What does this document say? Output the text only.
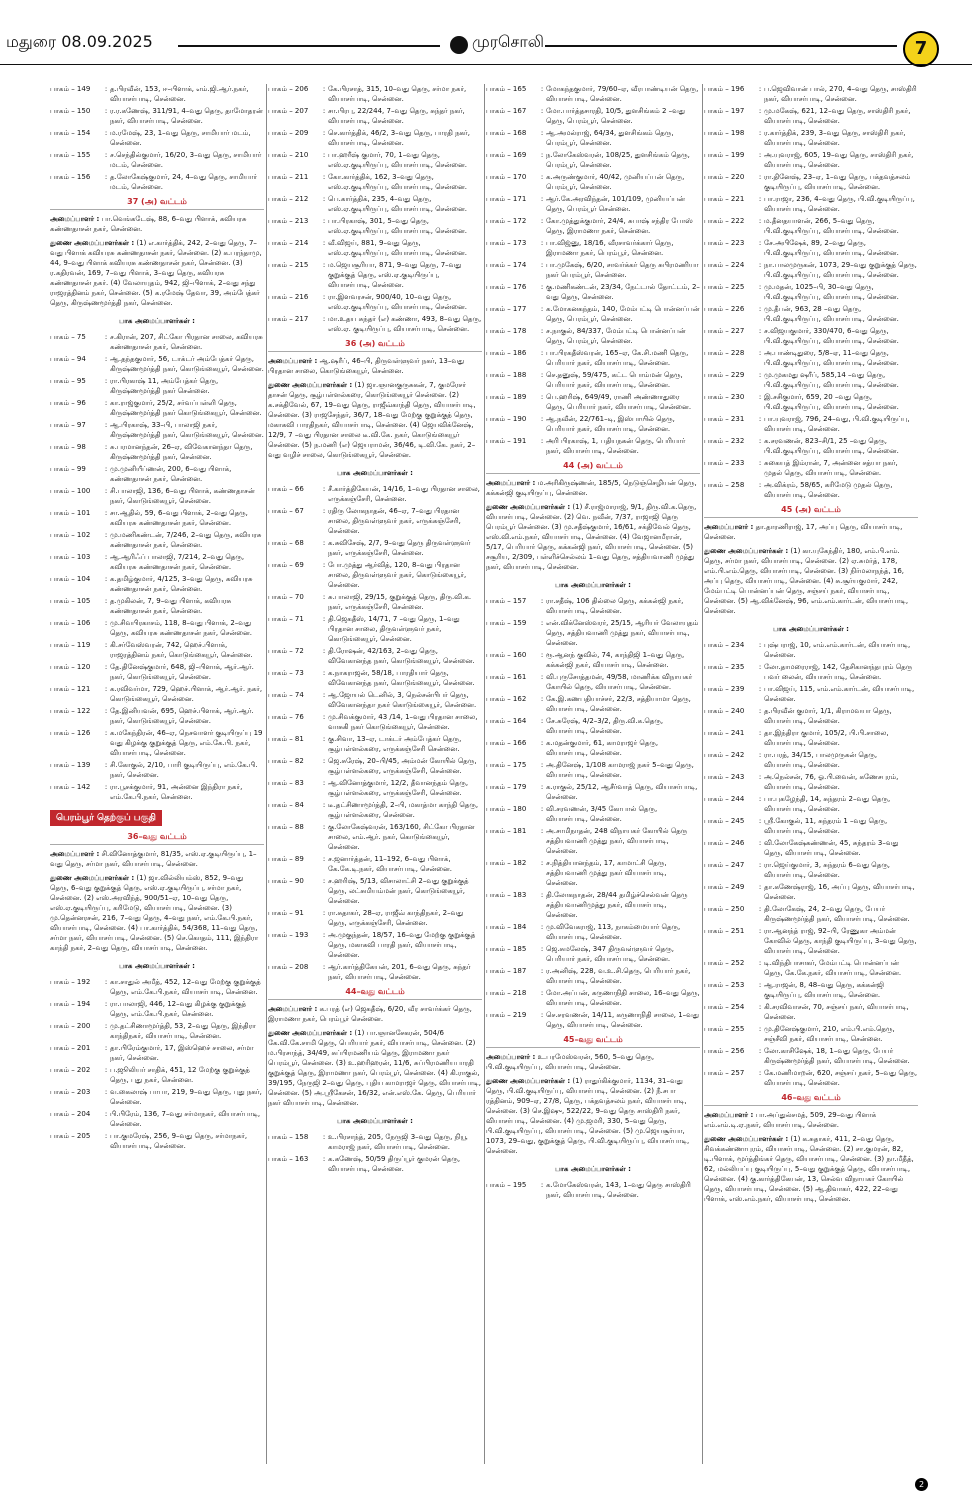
மதுரை 08.09.2025	முரசொலி	7
பாகம் – 149	: த.பிரவீன், 153, ஈ–பிளாக், எம்.ஜி.ஆர்.நகர், வியாசர்பாடி, சென்னை.
பாகம் – 150	: ர.ர.கணேஷ், 311/91, 4–வது தெரு, தாமோதரன் நகர், வியாசர்பாடி, சென்னை.
பாகம் – 154	: ம.ரமேஷ், 23, 1–வது தெரு, சாமியார் மடம், சென்னை.
பாகம் – 155	: ச.செந்தில்குமார், 16/20, 3–வது தெரு, சாமியார் மடம், சென்னை.
பாகம் – 156	: த.லோகேஷ்குமார், 24, 4–வது தெரு, சாமியார் மடம், சென்னை.
37 (அ) வட்டம்
அமைப்பாளர் : பா.வெங்கடேஷ், 88, 6–வது பிளாக், கவியரசு கண்ணதாசன் நகர், சென்னை.
துணை அமைப்பாளர்கள் : (1) எ.கார்த்திக், 242, 2–வது தெரு, 7–வது பிளாக் கவியரசு கண்ணதாசன் நகர், சென்னை. (2) க.பரந்தாமு, 44, 9–வது பிளாக் கவியரசு கண்ணதாசன் நகர், சென்னை. (3) ர.கதிரவன், 169, 7–வது பிளாக், 3–வது தெரு, கவியரசு கண்ணதாசன் நகர். (4) வேலாயுதம், 942, ஜி–பிளாக், 2–வது சந்து ராஜரத்தினம் நகர், சென்னை. (5) க.ரமேஷ் தேவா, 39, அம்பேத்கர் தெரு, கிருஷ்ணமூர்த்தி நகர், சென்னை.
பாக அமைப்பாளர்கள் :
பாகம் – 75	: ச.கிரான், 207, சிட்கோ பிரதான சாலை, கவியரசு கண்ணதாசன் நகர், சென்னை.
பாகம் – 94	: ஆ.தந்தகுமார், 56, டாக்டர் அம்பேத்கர் தெரு, கிருஷ்ணமூர்த்தி நகர், கொடுங்கையூர், சென்னை.
பாகம் – 95	: ரா.பிரகாஷ் 11, அம்பேத்கர் தெரு, கிருஷ்ணமூர்த்தி நகர் சென்னை.
பாகம் – 96	: கா.ராஜ்குமார், 25/2, சர்வப்பள்ளி தெரு, கிருஷ்ணமூர்த்தி நகர் கொடுங்கையூர், சென்னை.
பாகம் – 97	: ஆ.பிரகாஷ், 33–பி, பாலாஜி நகர், கிருஷ்ணமூர்த்தி நகர், கொடுங்கையூர், சென்னை.
பாகம் – 98	: சு.பரமானந்தன், 26–ஏ, விவேகானந்தா தெரு, கிருஷ்ணமூர்த்தி நகர், சென்னை.
பாகம் – 99	: மு.முனியீப்ணன், 200, 6–வது பிளாக், கண்ணதாசன் நகர், சென்னை.
பாகம் – 100	: சி.பாலாஜி, 136, 6–வது பிளாக், கண்ணதாசன் நகர், கொடுங்கையூர், சென்னை.
பாகம் – 101	: சா.ஆதில், 59, 6–வது பிளாக், 2–வது தெரு, கவியரசு கண்ணதாசன் நகர், சென்னை.
பாகம் – 102	: மு.மணிகண்டன், 7/246, 2–வது தெரு, கவியரசு கண்ணதாசன் நகர், சென்னை.
பாகம் – 103	: ஆ.ஆரிஃப் பாலாஜி, 7/214, 2–வது தெரு, கவியரசு கண்ணதாசன் நகர், சென்னை.
பாகம் – 104	: க.தமிழ்குமார், 4/125, 3–வது தெரு, கவியரசு கண்ணதாசன் நகர், சென்னை.
பாகம் – 105	: த.முகிலன், 7, 9–வது பிளாக், கவியரசு கண்ணதாசன் நகர், சென்னை.
பாகம் – 106	: மு.சிவபிரகாசம், 118, 8–வது பிளாக், 2–வது தெரு, கவியரசு கண்ணதாசன் நகர், சென்னை.
பாகம் – 119	: கி.சர்வேஸ்வரன், 742, ஹெச்.பிளாக், ராஜரத்தினம் நகர், கொடுங்கையூர், சென்னை.
பாகம் – 120	: தே.தினேஷ்குமார், 648, ஜி–பிளாக், ஆர்.ஆர். நகர், கொடுங்கையூர், சென்னை.
பாகம் – 121	: க.ரவிவர்மா, 729, ஹெச்.பிளாக், ஆர்.ஆர். நகர், கொடுங்கையூர், சென்னை.
பாகம் – 122	: தே.இனியவன், 695, ஹெச்.பிளாக், ஆர்.ஆர். நகர், கொடுங்கையூர், சென்னை.
பாகம் – 126	: க.மகேந்திரன், 46–ஏ, நெசவாளர் குடியிருப்பு 19 வது கிழக்கு குறுக்குத் தெரு, எம்.கே.பி. நகர், வியாசர்பாடி, சென்னை.
பாகம் – 139	: சி.கோகுல், 2/10, பாரி குடியிருப்பு, எம்.கே.பி. நகர், சென்னை.
பாகம் – 142	: ரா.பூசக்குமார், 91, அன்னை இந்திரா நகர், எம்.கே.பி.நகர், சென்னை.
பெரம்பூர் தெற்குப் பகுதி
36–வது வட்டம்
அமைப்பாளர் : சி.வினோத்குமார், 81/35, எஸ்.ஏ.குடியிருப்பு, 1–வது தெரு, சர்மா நகர், வியாசர்பாடி, சென்னை.
துணை அமைப்பாளர்கள் : (1) ஜா.வில்லியம்ஸ், 852, 9–வது தெரு, 6–வது குறுக்குத் தெரு, எஸ்.ஏ.குடியிருப்பு, சர்மா நகர், சென்னை. (2) எஸ்.அரவிந்த், 900/51–ஏ, 10–வது தெரு, எஸ்.ஏ.குடியிருப்பு, கரிமேடு, வியாசர்பாடி, சென்னை. (3) மு.தென்னரசன், 216, 7–வது தெரு, 4–வது நகர், எம்.கே.பி.நகர், வியாசர்பாடி, சென்னை. (4) பா.கார்த்திக், 54/368, 11–வது தெரு, சர்மா நகர், வியாசர்பாடி, சென்னை. (5) செ.கொதம், 111, இந்திரா காந்தி நகர், 2–வது தெரு, வியாசர்பாடி, சென்னை.
பாக அமைப்பாளர்கள் :
பாகம் – 192	: கா.சாதுல் அமீத், 452, 12–வது மேற்கு குறுக்குத் தெரு, எம்.கே.பி.நகர், வியாசர்பாடி, சென்னை.
பாகம் – 194	: ரா.பாலாஜி, 446, 12–வது கிழக்கு குறுக்குத் தெரு, எம்.கே.பி.நகர், சென்னை.
பாகம் – 200	: மு.தட்சிணாமூர்த்தி, 53, 2–வது தெரு, இந்திரா காந்திநகர், வியாசர்பாடி, சென்னை.
பாகம் – 201	: தா.பிரேம்குமார், 17, இஸ்ஹெச் சாலை, சர்மா நகர், சென்னை.
பாகம் – 202	: ப.ஜூலியர் சாதிக், 451, 12 மேற்கு குறுக்குத் தெரு, புது நகர், சென்னை.
பாகம் – 203	: வ.கைலாஷ் பாபா, 219, 9–வது தெரு, புது நகர், சென்னை.
பாகம் – 204	: பி.பிரேம், 136, 7–வது சர்மாநகர், வியாசர்பாடி, சென்னை.
பாகம் – 205	: பா.குமரேஷ், 256, 9–வது தெரு, சர்மாநகர், வியாசர்பாடி, சென்னை.
பாகம் – 206	: கே.பிரசாத், 315, 10–வது தெரு, சர்மா நகர், வியாசர்பாடி, சென்னை.
பாகம் – 207	: சா.பிரபு, 22/244, 7–வது தெரு, சுந்தர் நகர், வியாசர்பாடி, சென்னை.
பாகம் – 209	: செ.கார்த்திக், 46/2, 3–வது தெரு, பாரதி நகர், வியாசர்பாடி, சென்னை.
பாகம் – 210	: பா.ஹரீஷ் குமார், 70, 1–வது தெரு, எஸ்.ஏ.குடியிருப்பு, வியாசர்பாடி, சென்னை.
பாகம் – 211	: கோ.கார்த்திக், 162, 3–வது தெரு, எஸ்.ஏ.குடியிருப்பு, வியாசர்பாடி, சென்னை.
பாகம் – 212	: பெ.கார்த்திக், 235, 4–வது தெரு, எஸ்.ஏ.குடியிருப்பு, வியாசர்பாடி, சென்னை.
பாகம் – 213	: பா.பிரகாஷ், 301, 5–வது தெரு, எஸ்.ஏ.குடியிருப்பு, வியாசர்பாடி, சென்னை.
பாகம் – 214	: வீ.விஜய், 881, 9–வது தெரு, எஸ்.ஏ.குடியிருப்பு, வியாசர்பாடி, சென்னை.
பாகம் – 215	: ம.ஜெயசூரியா, 871, 9–வது தெரு, 7–வது குறுக்குத் தெரு, எஸ்.ஏ.குடியிருப்பு, வியாசர்பாடி, சென்னை.
பாகம் – 216	: ரா.இளவரசன், 900/40, 10–வது தெரு, எஸ்.ஏ.குடியிருப்பு, வியாசர்பாடி, சென்னை.
பாகம் – 217	: மா.உதய சுந்தர் (எ) கண்ணா, 493, 8–வது தெரு, எஸ்.ஏ. குடியிருப்பு, வியாசர்பாடி, சென்னை.
36 (அ) வட்டம்
அமைப்பாளர் : ஆ.ஷரீப், 46–பி, திருவள்ளுவர் நகர், 13–வது பிரதான சாலை, கொடுங்கையூர், சென்னை.
துணை அமைப்பாளர்கள் : (1) ஜா.ஞானகுருசுகன், 7, குமரேசர் தாசன் தெரு, சூழ்பள்ளல்கரை, கொடுங்கையூர் சென்னை. (2) க.சக்திவேல், 67, 19–வது தெரு, ராஜீவ்காந்தி தெரு, வியாசர்பாடி, சென்னை. (3) ராஜசேந்தர், 36/7, 18–வது மேற்கு குறுக்குத் தெரு, மகாகவி பாரதிநகர், வியாசர்பாடி, சென்னை. (4) ஜெயவிக்னேஷ், 12/9, 7 –வது பிரதான சாலை டீ.வி.கே. நகர், கொடுங்கையூர் சென்னை. (5) ந.மணி (எ) ஜெயராமன், 36/46, டி.வி.கே. நகர், 2–வது வழிச் சாலை, கொடுங்கையூர், சென்னை.
பாக அமைப்பாளர்கள் :
பாகம் – 66	: சீ.கார்த்திகேயன், 14/16, 1–வது பிரதான சாலை, எருக்கஞ்சேரி, சென்னை.
பாகம் – 67	: ரதிரு லோகநாதன், 46–ஏ, 7–வது பிரதான சாலை, திருவள்ளுவர் நகர், எருக்கஞ்சேரி, சென்னை.
பாகம் – 68	: க.சுவிசேஷ், 2/7, 9–வது தெரு திருவள்ளுவர் நகர், எருக்கஞ்சேரி, சென்னை.
பாகம் – 69	: போ.முத்து ஆர்வித், 120, 8–வது பிரதான சாலை, திருவள்ளுவர் நகர், கொடுங்கையூர், சென்னை.
பாகம் – 70	: சு.பாலாஜி, 29/15, குறுக்குத் தெரு, திரு.வி.க. நகர், எருக்கஞ்சேரி, சென்னை.
பாகம் – 71	: தி.ஜெகதீஸ், 14/71, 7 –வது தெரு, 1–வது பிரதான சாலை, திருவள்ளுவர் நகர், கொடுங்கையூர், சென்னை.
பாகம் – 72	: தி.ரோஷன், 42/163, 2–வது தெரு, விவேகானந்த நகர், கொடுங்கையூர், சென்னை.
பாகம் – 73	: க.நாகராஜன், 58/18, பாரதியார் தெரு, விவேகானந்த நகர், கொடுங்கையூர், சென்னை.
பாகம் – 74	: ஆ.ஜோயல் டெனில், 3, நெல்சன்பிபர் தெரு, விவேகானந்தா நகர் கொடுங்கையூர், சென்னை.
பாகம் – 76	: மு.சிவக்குமார், 43 /14, 1–வது பிரதான சாலை, வாசுகி நகர் கொடுங்கையூர், சென்னை.
பாகம் – 81	: கு.சிவா, 13–ஏ, டாக்டர் அம்பேத்கர் தெரு, சூழ்பள்ளல்கரை, எருக்கஞ்சேரி சென்னை.
பாகம் – 82	: ஜெ.சுரேஷ், 20–பி/45, அம்மன் கோயில் தெரு, சூழ்பள்ளல்கரை, எருக்கஞ்சேரி, சென்னை.
பாகம் – 83	: ஆ.வினோத்குமார், 12/2, தீவானந்தம் தெரு, சூழ்பள்ளல்கரை, எருக்கஞ்சேரி, சென்னை.
பாகம் – 84	: டீ.தட்சிணாமூர்த்தி, 2–பி, மகாத்மா காந்தி தெரு, சூழ்பள்ளல்கரை, சென்னை.
பாகம் – 88	: கு.லோகேஷ்வரன், 163/160, சிட்கோ பிரதான சாலை, எம்.ஆர். நகர், கொடுங்கையூர், சென்னை.
பாகம் – 89	: ச.ஜனார்த்தன், 11–192, 6–வது பிளாக், கே.கே.டி.நகர், வியாசர்பாடி, சென்னை.
பாகம் – 90	: ச.ஹரிஷ், 5/13, விசாலாட்சி 2–வது குறுக்குத் தெரு, லட்சுமியம்மன் நகர், கொடுங்கையூர், சென்னை.
பாகம் – 91	: ரா.சுதாகர், 28–ஏ, ராஜீவ் காந்திநகர், 2–வது தெரு, எருக்கஞ்சேரி, சென்னை.
பாகம் – 193	: அ.முகுந்தன், 18/57, 16–வது மேற்கு குறுக்குத் தெரு, மகாகவி பாரதி நகர், வியாசர்பாடி, சென்னை.
பாகம் – 208	: ஆர்.கார்த்திகேயன், 201, 6–வது தெரு, சுந்தர் நகர், வியாசர்பாடி, சென்னை.
44–வது வட்டம்
அமைப்பாளர் : க.பரத் (எ) ஜெகதீஷ், 6/20, வீர சாவர்க்கர் தெரு, இராமணா நகர், பெரம்பூர் சென்னை.
துணை அமைப்பாளர்கள் : (1) பா.ஞானசேகரன், 504/6 கே.வி.கே.சாமி தெரு, பெரியார் நகர், வியாசர்பாடி, சென்னை. (2) ம.பிரசாந்த், 34/49, சுப்பிரமணியம் தெரு, இராமணா நகர் பெரம்பூர், சென்னை. (3) உ.ஹரிஹரன், 11/6, சுப்பிரமணியபாரதி குறுக்குத் தெரு, இராமணா நகர், பெரம்பூர், சென்னை. (4) கி.ராகுல், 39/195, நேருஜி 2–வது தெரு, புதிய காமராஜர் தெரு, வியாசர்பாடி, சென்னை. (5) அ.ஸ்ரீகேசன், 16/32, என்.எஸ்.கே. தெரு, பெரியார் நகர் வியாசர்பாடி, சென்னை.
பாக அமைப்பாளர்கள் :
பாகம் – 158	: உ.பிரசாந்த், 205, நேருஜி 3–வது தெரு, நியூ காமராஜ் நகர், வியாசர்பாடி, சென்னை.
பாகம் – 163	: க.கணேஷ், 50/59 திருப்பூர் குமரன் தெரு, வியாசர்பாடி, சென்னை.
பாகம் – 165	: மோகந்தகுமார், 79/60–ஏ, வீரபாண்டியன் தெரு, வியாசர்பாடி, சென்னை.
பாகம் – 167	: மோ.பார்த்தசாரதி, 10/5, துளசிங்கம் 2 –வது தெரு, பெரம்பூர், சென்னை.
பாகம் – 168	: ஆ.அமல்ராஜ், 64/34, துளசிங்கம் தெரு, பெரம்பூர், சென்னை.
பாகம் – 169	: ந.லோகேஸ்வரன், 108/25, துளசிங்கம் தெரு, பெரம்பூர், சென்னை.
பாகம் – 170	: க.அருண்குமார், 40/42, முனியப்பன் தெரு, பெரம்பூர், சென்னை.
பாகம் – 171	: ஆர்.கே.அரவிந்தன், 101/109, முனியப்பன் தெரு, பெரம்பூர் சென்னை.
பாகம் – 172	: கோ.முத்துக்குமார், 24/4, சுபாஷ் சந்திர போஸ் தெரு, இராமணா நகர், சென்னை.
பாகம் – 173	: பா.விஜ்னு, 18/16, வீரசாவர்க்கார் தெரு, இராமணா நகர், பெரம்பூர், சென்னை.
பாகம் – 174	: பா.முகேஷ், 6/20, சாவர்க்கர் தெரு சுபிரமணியா நகர் பெரம்பூர், சென்னை.
பாகம் – 176	: கு.மணிகண்டன், 23/34, நேட்டால் தோட்டம், 2–வது தெரு, சென்னை.
பாகம் – 177	: க.மோகனகந்தம், 140, மேம்பட்டி பொன்னப்பன் தெரு, பெரம்பூர், சென்னை.
பாகம் – 178	: ச.நாகுல், 84/337, மேம்பட்டி பொன்னப்பன் தெரு, பெரம்பூர், சென்னை.
பாகம் – 186	: பா.பிரகதீஸ்வரன், 165–ஏ, கே.சி.மணி தெரு, பெரியார் நகர், வியாசர்பாடி, சென்னை.
பாகம் – 188	: செ.தனுஷ், 59/475, கட்ட பொம்மன் தெரு, பெரியார் நகர், வியாசர்பாடி, சென்னை.
பாகம் – 189	: பெ.ஹரிஷ், 649/49, ராணி அண்ணாதுரை தெரு, பெரியார் நகர், வியாசர்பாடி, சென்னை.
பாகம் – 190	: ஆ.நவீன், 22/761–டி, இஸ்பாயில் தெரு, பெரியார் நகர், வியாசர்பாடி, சென்னை.
பாகம் – 191	: அரி பிரகாஷ், 1, பதியநகன் தெரு, பெரியார் நகர், வியாசர்பாடி, சென்னை.
44 (அ) வட்டம்
அமைப்பாளர் : ம.அரிகிருஷ்ணன், 185/5, நெடுஞ்செழியன் தெரு, கக்கன்ஜி குடியிருப்பு, சென்னை.
துணை அமைப்பாளர்கள் : (1) சீ.ராஜ்மாராஜ், 9/1, திரு.வி.க.தெரு, வியாசர்பாடி, சென்னை. (2) வெ. நவீன், 7/37, ராஜாஜி தெரு பெரம்பூர் சென்னை. (3) மு.சதீஷ்குமார், 16/61, சக்திவேல் தெரு, எஸ்.வி.எம்.நகர், வியாசர்பாடி, சென்னை. (4) வேஜானமீரான், 5/17, பெரியார் தெரு, கக்கன்ஜி நகர், வியாசர்பாடி, சென்னை. (5) சசூரிய, 2/309, பள்ளிச்செல்லம் 1–வது தெரு, சத்தியவாணி முத்து நகர், வியாசர்பாடி, சென்னை.
பாக அமைப்பாளர்கள் :
பாகம் – 157	: ரா.சதீஷ், 106 தில்லை தெரு, கக்கன்ஜி நகர், வியாசர்பாடி, சென்னை.
பாகம் – 159	: என்.விக்னேஸ்வரர், 25/15, ஆரியர் வேலாயுதம் தெரு, சத்தியவாணி முத்து நகர், வியாசர்பாடி, சென்னை.
பாகம் – 160	: ரூ.ஆனந் குவில், 74, காந்திஜி 1–வது தெரு, கக்கன்ஜி நகர், வியாசர்பாடி, சென்னை.
பாகம் – 161	: வி.புருசோத்தமன், 49/58, மாணிக்க விநாயகர் கோயில் தெரு, வியாசர்பாடி, சென்னை.
பாகம் – 162	: கே.இ.கணபதியாச்சர், 22/3, சத்தியாமா தெரு, வியாசர்பாடி, சென்னை.
பாகம் – 164	: சே.சுரேஷ், 4/2–3/2, திரு.வி.க.தெரு, வியாசர்பாடி, சென்னை.
பாகம் – 166	: க.மதன்குமார், 61, காமராஜர் தெரு, வியாசர்பாடி, சென்னை.
பாகம் – 175	: அ.தினேஷ், 1/108 காமராஜ் நகர் 5–வது தெரு, வியாசர்பாடி, சென்னை.
பாகம் – 179	: க.ராகுல், 25/12, ஆசீர்வாத் தெரு, வியாசர்பாடி, சென்னை.
பாகம் – 180	: வி.சரவணன், 3/45 கோபால் தெரு, வியாசர்பாடி, சென்னை.
பாகம் – 181	: அ.சாமிநாதன், 248 விநாயகர் கோயில் தெரு சத்தியவாணி முத்து நகர், வியாசர்பாடி, சென்னை.
பாகம் – 182	: ச.நித்தியானந்தம், 17, காமாட்சி தெரு, சத்தியவாணி முத்து நகர் வியாசர்பாடி, சென்னை.
பாகம் – 183	: தி.லோகநாதன், 28/44 தமிழ்ச்செல்வன் தெரு சத்தியவாணிமுத்து நகர், வியாசர்பாடி, சென்னை.
பாகம் – 184	: மு.விவேகராஜ், 113, நாகம்மையார் தெரு, வியாசர்பாடி, சென்னை.
பாகம் – 185	: ஜெ.சுமலேஷ், 347 திருவள்ளுவர் தெரு, பெரியார் நகர், வியாசர்பாடி, சென்னை.
பாகம் – 187	: ர.அனிஷ், 228, வ.உ.சி.தெரு, பெரியார் நகர், வியாசர்பாடி, சென்னை.
பாகம் – 218	: மோ.அப்பன், கருணாநிதி சாலை, 16–வது தெரு, வியாசர்பாடி, சென்னை.
பாகம் – 219	: செ.சரவணன், 14/11, கருணாநிதி சாலை, 1–வது தெரு, வியாசர்பாடி, சென்னை.
45–வது வட்டம்
அமைப்பாளர் : உ.பரமேஸ்வரன், 560, 5–வது தெரு, பி.வி.குடியிருப்பு, வியாசர்பாடி, சென்னை.
துணை அமைப்பாளர்கள் : (1) ராதுர்கிக்குமார், 1134, 31–வது தெரு, பி.வி.குடியிருப்பு, வியாசர்பாடி, சென்னை. (2) நீ.சபா ரத்தினம், 909–ஏ, 27/8, தெரு, பக்தவத்சலம் நகர், வியாசர்பாடி, சென்னை. (3) செ.இஷு, 522/22, 9–வது தெரு சாஸ்திரி நகர், வியாசர்பாடி, சென்னை. (4) மு.ஜமரி, 330, 5–வது தெரு, பி.வி.குடியிருப்பு, வியாசர்பாடி, சென்னை. (5) மு.ஜெயசூர்யா, 1073, 29–வது, குறுக்குத் தெரு, பி.வி.குடியிருப்பு, வியாசர்பாடி, சென்னை.
பாக அமைப்பாளர்கள் :
பாகம் – 195	: க.மோகேஸ்வரன், 143, 1–வது தெரு சாஸ்திரி நகர், வியாசர்பாடி, சென்னை.
பாகம் – 196	: ப.ஜெவிவான் பால், 270, 4–வது தெரு, சாஸ்திரி நகர், வியாசர்பாடி, சென்னை.
பாகம் – 197	: மு.மகேஷ், 621, 12–வது தெரு, சாஸ்திரி நகர், வியாசர்பாடி, சென்னை.
பாகம் – 198	: ர.கார்த்திக், 239, 3–வது தெரு, சாஸ்திரி நகர், வியாசர்பாடி, சென்னை.
பாகம் – 199	: அ.யுவராஜ், 605, 19–வது தெரு, சாஸ்திரி நகர், வியாசர்பாடி, சென்னை.
பாகம் – 220	: ரா.தினேஷ், 23–ஏ, 1–வது தெரு, பக்தவத்சலம் குடியிருப்பு, வியாசர்பாடி, சென்னை.
பாகம் – 221	: பா.ராஜா, 236, 4–வது தெரு, பி.வி.குடியிருப்பு, வியாசர்பாடி, சென்னை.
பாகம் – 222	: ம.தீனதயாளன், 266, 5–வது தெரு, பி.வி.குடியிருப்பு, வியாசர்பாடி, சென்னை.
பாகம் – 223	: சே.அபிஷேக், 89, 2–வது தெரு, பி.வி.குடியிருப்பு, வியாசர்பாடி, சென்னை.
பாகம் – 224	: நா.பாலமுருகன், 1073, 29–வது குறுக்குத் தெரு, பி.வி.குடியிருப்பு, வியாசர்பாடி, சென்னை.
பாகம் – 225	: மு.மதன், 1025–பி, 30–வது தெரு, பி.வி.குடியிருப்பு, வியாசர்பாடி, சென்னை.
பாகம் – 226	: மு.தீபன், 963, 28 –வது தெரு, பி.வி.குடியிருப்பு, வியாசர்பாடி, சென்னை.
பாகம் – 227	: ச.விஜயகுமார், 330/470, 6–வது தெரு, பி.வி.குடியிருப்பு, வியாசர்பாடி, சென்னை.
பாகம் – 228	: அ.பாண்டிதுரை, 5/8–ஏ, 11–வது தெரு, பி.வி.குடியிருப்பு, வியாசர்பாடி, சென்னை.
பாகம் – 229	: மு.முகமது ஷரீப், 585,14 –வது தெரு, பி.வி.குடியிருப்பு, வியாசர்பாடி, சென்னை.
பாகம் – 230	: இ.சசிகுமார், 659, 20 –வது தெரு, பி.வி.குடியிருப்பு, வியாசர்பாடி, சென்னை.
பாகம் – 231	: பா.யுவராஜ், 796, 24–வது, பி.வி.குடியிருப்பு, வியாசர்பாடி, சென்னை.
பாகம் – 232	: க.சரவணன், 823–சி/1, 25 –வது தெரு, பி.வி.குடியிருப்பு, வியாசர்பாடி, சென்னை.
பாகம் – 233	: சுகையத் இம்ரான், 7, அன்னை சத்யா நகர், முதல் தெரு, வியாசர்பாடி, சென்னை.
பாகம் – 258	: அ.விக்ரம், 58/65, கரிமேடு முதல் தெரு, வியாசர்பாடி, சென்னை.
45 (அ) வட்டம்
அமைப்பாளர் : தா.தாரணிராஜ், 17, அப்பு தெரு, வியாசர்பாடி, சென்னை.
துணை அமைப்பாளர்கள் : (1) கா.யுகேந்திர், 180, எம்.பி.எம். தெரு, சர்மா நகர், வியாசர்பாடி, சென்னை. (2) ஏ.சுமர்த், 178, எம்.பி.எம்.தெரு, வியாசர்பாடி, சென்னை. (3) நிர்மலாநந்த், 16, அப்பு தெரு, வியாசர்பாடி, சென்னை. (4) சு.சூர்யகுமார், 242, மேம்பட்டி பொன்னப்பன் தெரு, சஞ்சய் நகர், வியாசர்பாடி, சென்னை. (5) ஆ.விக்னேஷ், 96, எம்.எம்.கார்டன், வியாசர்பாடி, சென்னை.
பாக அமைப்பாளர்கள் :
பாகம் – 234	: புஷ்பராஜ், 10, எம்.எம்.கார்டன், வியாசர்பாடி, சென்னை.
பாகம் – 235	: லோ.தாமரைராஜ், 142, தேசிகானந்தபுரம் தெரு பவர் லைன், வியாசர்பாடி, சென்னை.
பாகம் – 239	: பா.விஜய், 115, எம்.எம்.கார்டன், வியாசர்பாடி, சென்னை.
பாகம் – 240	: த.பிரவீன் குமார், 1/1, கிராமவயா தெரு, வியாசர்பாடி, சென்னை.
பாகம் – 241	: தா.இந்திரா குமார், 105/2, பி.பி.சாலை, வியாசர்பாடி, சென்னை.
பாகம் – 242	: ரா.பரத், 34/15, பாலமுருகன் தெரு, வியாசர்பாடி, சென்னை.
பாகம் – 243	: அ.நெல்சன், 76, ஓ.பி.வைன், கணேசபுரம், வியாசர்பாடி, சென்னை.
பாகம் – 244	: பா.புகழேந்தி, 14, சுந்தரம் 2–வது தெரு, வியாசர்பாடி, சென்னை.
பாகம் – 245	: ஸ்ரீ.கோகுல், 11, சுந்தரம் 1 –வது தெரு, வியாசர்பாடி, சென்னை.
பாகம் – 246	: வி.லோகேஷ்கண்ணன், 45, சுந்தரம் 3–வது தெரு, வியாசர்பாடி, சென்னை.
பாகம் – 247	: ரா.ஜெய்குமார், 3, சுந்தரம் 6–வது தெரு, வியாசர்பாடி, சென்னை.
பாகம் – 249	: தா.கணேஷ்ராஜ், 16, அப்பு தெரு, வியாசர்பாடி, சென்னை.
பாகம் – 250	: தி.லோகேஷ், 24, 2–வது தெரு, பேயர் கிருஷ்ணமூர்த்தி நகர், வியாசர்பாடி, சென்னை.
பாகம் – 251	: ரா.ஆனந்த் ராஜ், 92–பி, ரேணுகா அம்மன் கோவில் தெரு, காந்தி குடியிருப்பு, 3–வது தெரு, வியாசர்பாடி, சென்னை.
பாகம் – 252	: டி.விந்திபாசாகர், மேம்பட்டி பொன்னப்பன் தெரு, கே.கே.நகர், வியாசர்பாடி, சென்னை.
பாகம் – 253	: ஆ.ராஜன், 8, 48–வது தெரு, கக்கன்ஜி குடியிருப்பு, வியாசர்பாடி, சென்னை.
பாகம் – 254	: கி.சரவிவாசன், 70, சஞ்சய் நகர், வியாசர்பாடி, சென்னை.
பாகம் – 255	: மு.தினேஷ்குமார், 210, எம்.பி.எம்.தெரு, சஞ்சீவி நகர், வியாசர்பாடி, சென்னை.
பாகம் – 256	: லோ.காசிஷேக், 18, 1–வது தெரு, பேயர் கிருஷ்ணமூர்த்தி நகர், வியாசர்பாடி, சென்னை.
பாகம் – 257	: கே.மணிமாறன், 620, சஞ்சய் நகர், 5–வது தெரு, வியாசர்பாடி, சென்னை.
46–வது வட்டம்
அமைப்பாளர் : பா.அப்துல்சமத், 509, 29–வது பிளாக் எம்.எம்.டி.ஏ.நகர், வியாசர்பாடி, சென்னை.
துணை அமைப்பாளர்கள் : (1) க.சுதாகர், 411, 2–வது தெரு, சிவக்கண்ணாபுரம், வியாசர்பாடி, சென்னை. (2) சா.குமரன், 82, டி.பிளாக், மூர்த்திங்கர் தெரு, வியாசர்பாடி, சென்னை. (3) நா.மீதீத், 62, மல்லியப்பு குடியிருப்பு, 5–வது குறுக்குத் தெரு, வியாசர்பாடி, சென்னை. (4) கு.கார்த்திகேயன், 13, செல்வ விநாயகர் கோயில் தெரு, வியாசர்பாடி, சென்னை. (5) ஆ.திவாகர், 422, 22–வது பிளாக், எஸ்.எம்.நகர், வியாசர்பாடி, சென்னை.
2
